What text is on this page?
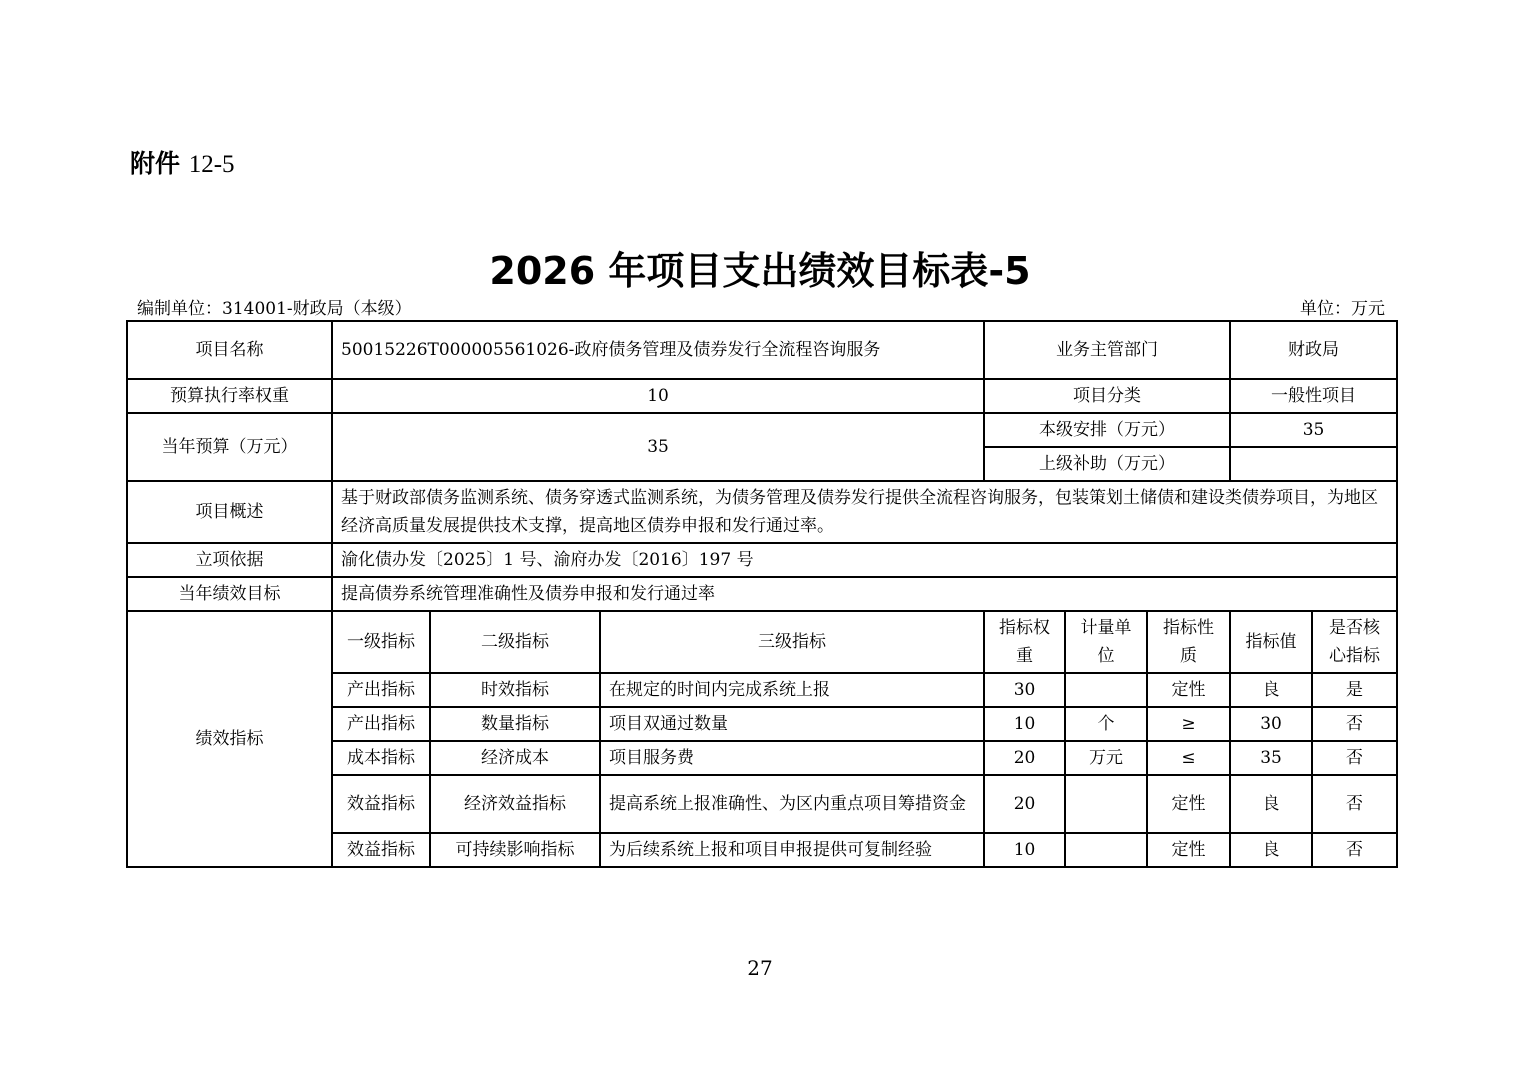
附件 12-5
2026 年项目支出绩效目标表-5
编制单位：314001-财政局（本级）	单位：万元
项目名称	50015226T000005561026-政府债务管理及债券发行全流程咨询服务			业务主管部门			财政局	
预算执行率权重	10			项目分类			一般性项目	
当年预算（万元）	35			本级安排（万元）			35	
				上级补助（万元）				
项目概述	基于财政部债务监测系统、债务穿透式监测系统，为债务管理及债券发行提供全流程咨询服务，包装策划土储债和建设类债券项目，为地区经济高质量发展提供技术支撑，提高地区债券申报和发行通过率。							
立项依据	渝化债办发〔2025〕1 号、渝府办发〔2016〕197 号							
当年绩效目标	提高债券系统管理准确性及债券申报和发行通过率							
绩效指标	一级指标	二级指标	三级指标	指标权重	计量单位	指标性质	指标值	是否核心指标
	产出指标	时效指标	在规定的时间内完成系统上报	30		定性	良	是
	产出指标	数量指标	项目双通过数量	10	个	≥	30	否
	成本指标	经济成本	项目服务费	20	万元	≤	35	否
	效益指标	经济效益指标	提高系统上报准确性、为区内重点项目筹措资金	20		定性	良	否
	效益指标	可持续影响指标	为后续系统上报和项目申报提供可复制经验	10		定性	良	否
27
